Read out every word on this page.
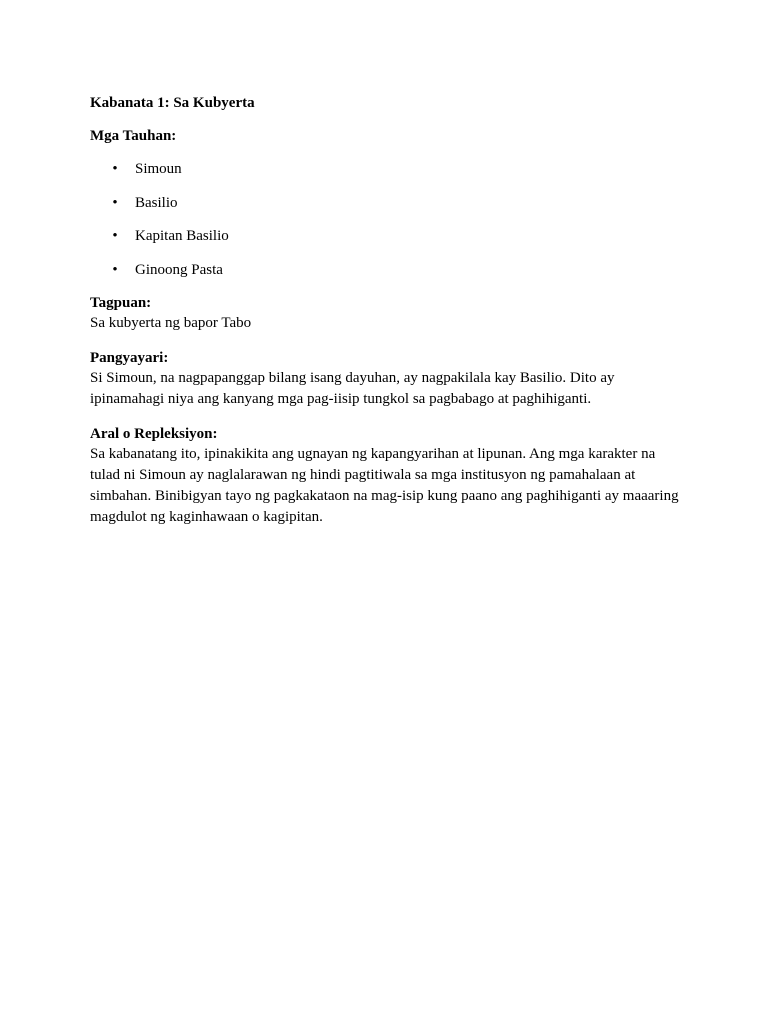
Kabanata 1: Sa Kubyerta

Mga Tauhan:

• Simoun
• Basilio
• Kapitan Basilio
• Ginoong Pasta

Tagpuan:

Sa kubyerta ng bapor Tabo

Pangyayari:

Si Simoun, na nagpapanggap bilang isang dayuhan, ay nagpakilala kay Basilio. Dito ay ipinamahagi niya ang kanyang mga pag-iisip tungkol sa pagbabago at paghihiganti.

Aral o Repleksiyon:

Sa kabanatang ito, ipinakikita ang ugnayan ng kapangyarihan at lipunan. Ang mga karakter na tulad ni Simoun ay naglalarawan ng hindi pagtitiwala sa mga institusyon ng pamahalaan at simbahan. Binibigyan tayo ng pagkakataon na mag-isip kung paano ang paghihiganti ay maaaring magdulot ng kaginhawaan o kagipitan.
